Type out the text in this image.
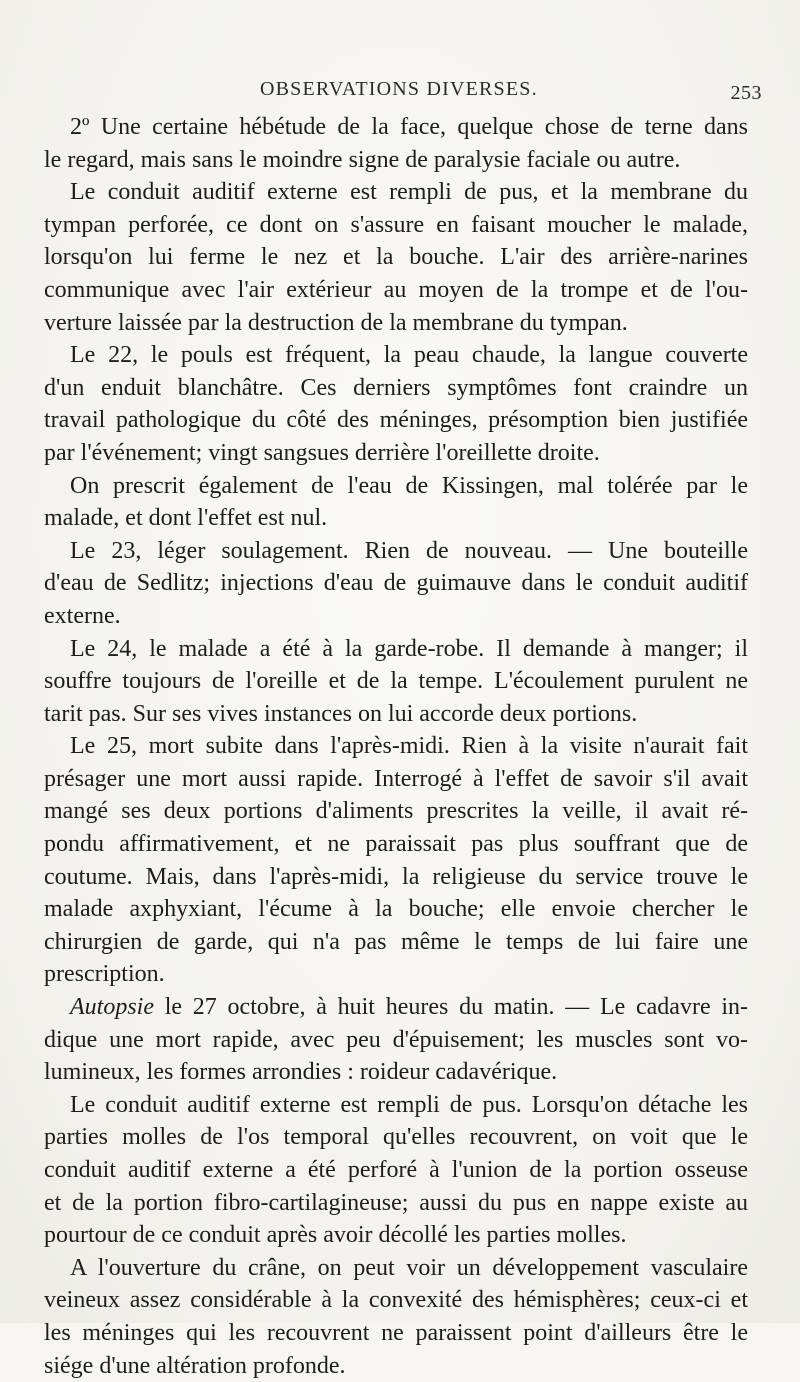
OBSERVATIONS DIVERSES.	253
2º Une certaine hébétude de la face, quelque chose de terne dans
le regard, mais sans le moindre signe de paralysie faciale ou autre.
Le conduit auditif externe est rempli de pus, et la membrane du
tympan perforée, ce dont on s'assure en faisant moucher le malade,
lorsqu'on lui ferme le nez et la bouche. L'air des arrière-narines
communique avec l'air extérieur au moyen de la trompe et de l'ou-
verture laissée par la destruction de la membrane du tympan.
Le 22, le pouls est fréquent, la peau chaude, la langue couverte
d'un enduit blanchâtre. Ces derniers symptômes font craindre un
travail pathologique du côté des méninges, présomption bien justifiée
par l'événement; vingt sangsues derrière l'oreillette droite.
On prescrit également de l'eau de Kissingen, mal tolérée par le
malade, et dont l'effet est nul.
Le 23, léger soulagement. Rien de nouveau. — Une bouteille
d'eau de Sedlitz; injections d'eau de guimauve dans le conduit auditif
externe.
Le 24, le malade a été à la garde-robe. Il demande à manger; il
souffre toujours de l'oreille et de la tempe. L'écoulement purulent ne
tarit pas. Sur ses vives instances on lui accorde deux portions.
Le 25, mort subite dans l'après-midi. Rien à la visite n'aurait fait
présager une mort aussi rapide. Interrogé à l'effet de savoir s'il avait
mangé ses deux portions d'aliments prescrites la veille, il avait ré-
pondu affirmativement, et ne paraissait pas plus souffrant que de
coutume. Mais, dans l'après-midi, la religieuse du service trouve le
malade axphyxiant, l'écume à la bouche; elle envoie chercher le
chirurgien de garde, qui n'a pas même le temps de lui faire une
prescription.
Autopsie le 27 octobre, à huit heures du matin. — Le cadavre in-
dique une mort rapide, avec peu d'épuisement; les muscles sont vo-
lumineux, les formes arrondies : roideur cadavérique.
Le conduit auditif externe est rempli de pus. Lorsqu'on détache les
parties molles de l'os temporal qu'elles recouvrent, on voit que le
conduit auditif externe a été perforé à l'union de la portion osseuse
et de la portion fibro-cartilagineuse; aussi du pus en nappe existe au
pourtour de ce conduit après avoir décollé les parties molles.
A l'ouverture du crâne, on peut voir un développement vasculaire
veineux assez considérable à la convexité des hémisphères; ceux-ci et
les méninges qui les recouvrent ne paraissent point d'ailleurs être le
siége d'une altération profonde.
